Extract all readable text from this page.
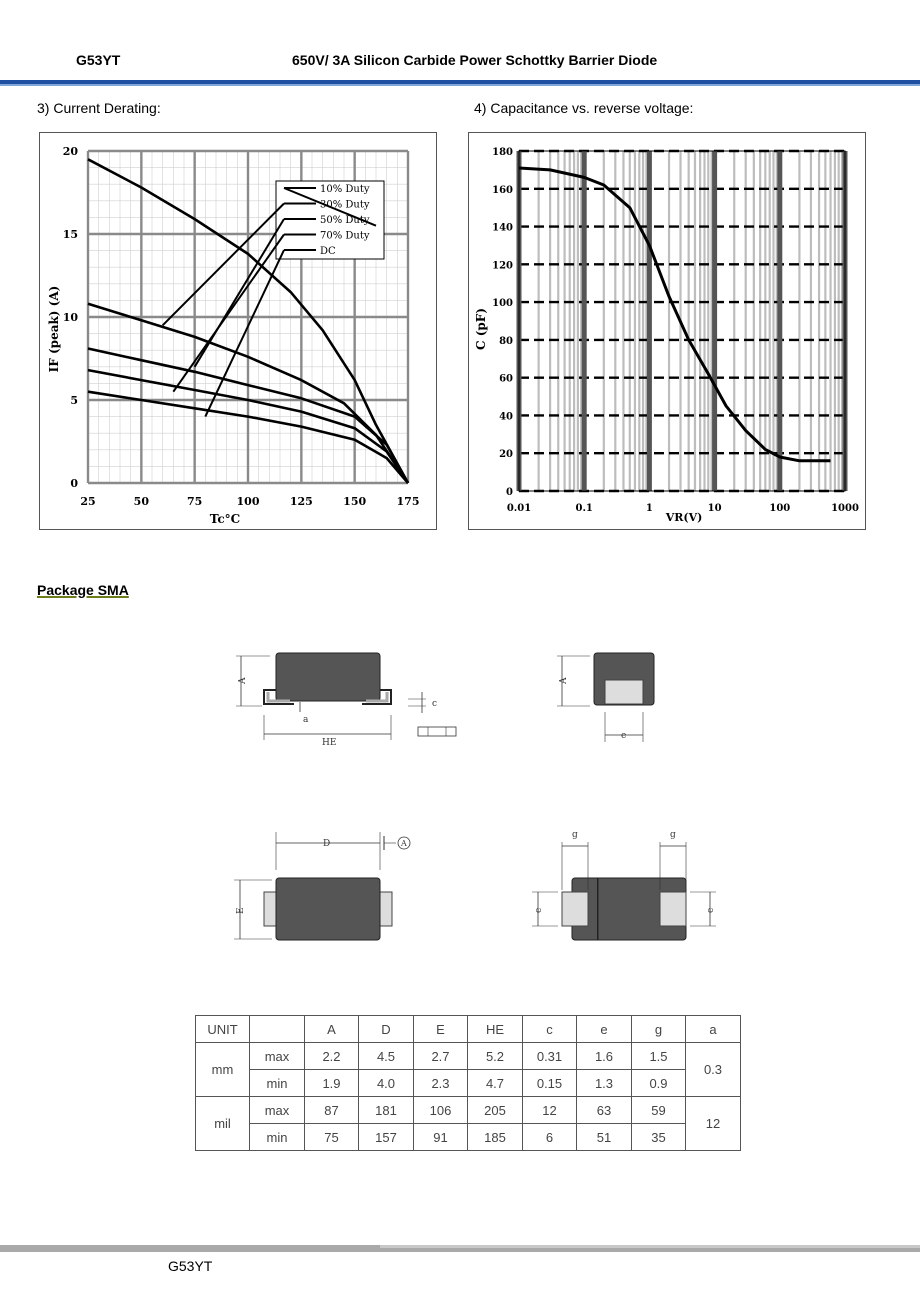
G53YT	650V/ 3A Silicon Carbide Power Schottky Barrier Diode
3) Current Derating:	4) Capacitance vs. reverse voltage:
25	50	75	100	125	150	175
0
5
10
15
20
10% Duty
30% Duty
50% Duty
70% Duty
DC
Tc°C
IF (peak) (A)
0.01	0.1	1	10	100	1000
0
20
40
60
80
100
120
140
160
180
VR(V)
C (pF)
Package SMA
A
a
HE
c
A
e
D	A
E
g	g
e	e
UNIT		A	D	E	HE	c	e	g	a
mm	max	2.2	4.5	2.7	5.2	0.31	1.6	1.5	0.3
	min	1.9	4.0	2.3	4.7	0.15	1.3	0.9	
mil	max	87	181	106	205	12	63	59	12
	min	75	157	91	185	6	51	35	
G53YT
